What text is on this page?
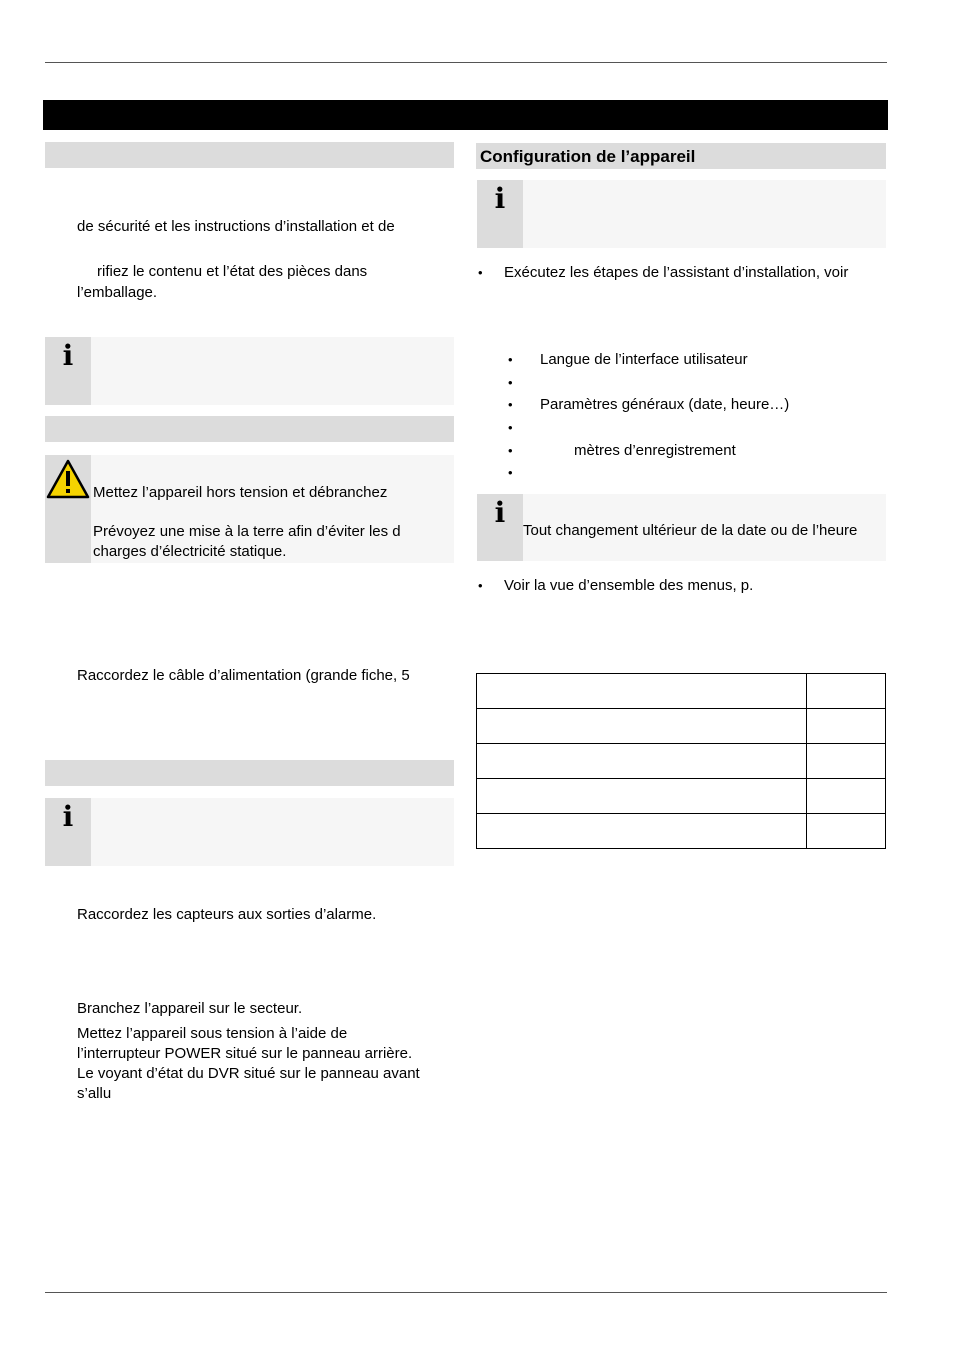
de sécurité et les instructions d’installation et de
rifiez le contenu et l’état des pièces dans
l’emballage.
i
Mettez l’appareil hors tension et débranchez
Prévoyez une mise à la terre afin d’éviter les d
charges d’électricité statique.
Raccordez le câble d’alimentation (grande fiche, 5
i
Raccordez les capteurs aux sorties d’alarme.
Branchez l’appareil sur le secteur.
Mettez l’appareil sous tension à l’aide de
l’interrupteur POWER situé sur le panneau arrière.
Le voyant d’état du DVR situé sur le panneau avant
s’allu
Configuration de l’appareil
i
• Exécutez les étapes de l’assistant d’installation, voir
• Langue de l’interface utilisateur
•
• Paramètres généraux (date, heure…)
•
•	mètres d’enregistrement
•
i
Tout changement ultérieur de la date ou de l’heure
• Voir la vue d’ensemble des menus, p.
